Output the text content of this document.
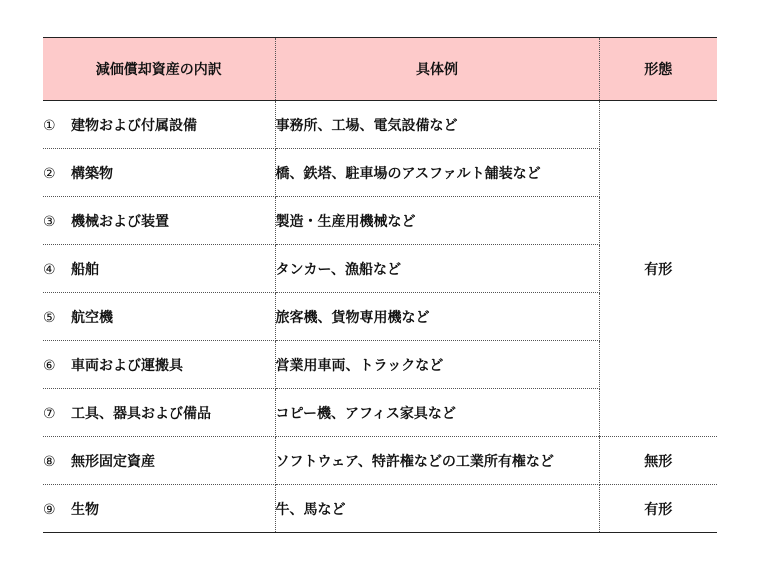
減価償却資産の内訳	具体例	形態
① 建物および付属設備	事務所、工場、電気設備など	有形
② 構築物	橋、鉄塔、駐車場のアスファルト舗装など	
③ 機械および装置	製造・生産用機械など	
④ 船舶	タンカー、漁船など	
⑤ 航空機	旅客機、貨物専用機など	
⑥ 車両および運搬具	営業用車両、トラックなど	
⑦ 工具、器具および備品	コピー機、アフィス家具など	
⑧ 無形固定資産	ソフトウェア、特許権などの工業所有権など	無形
⑨ 生物	牛、馬など	有形
